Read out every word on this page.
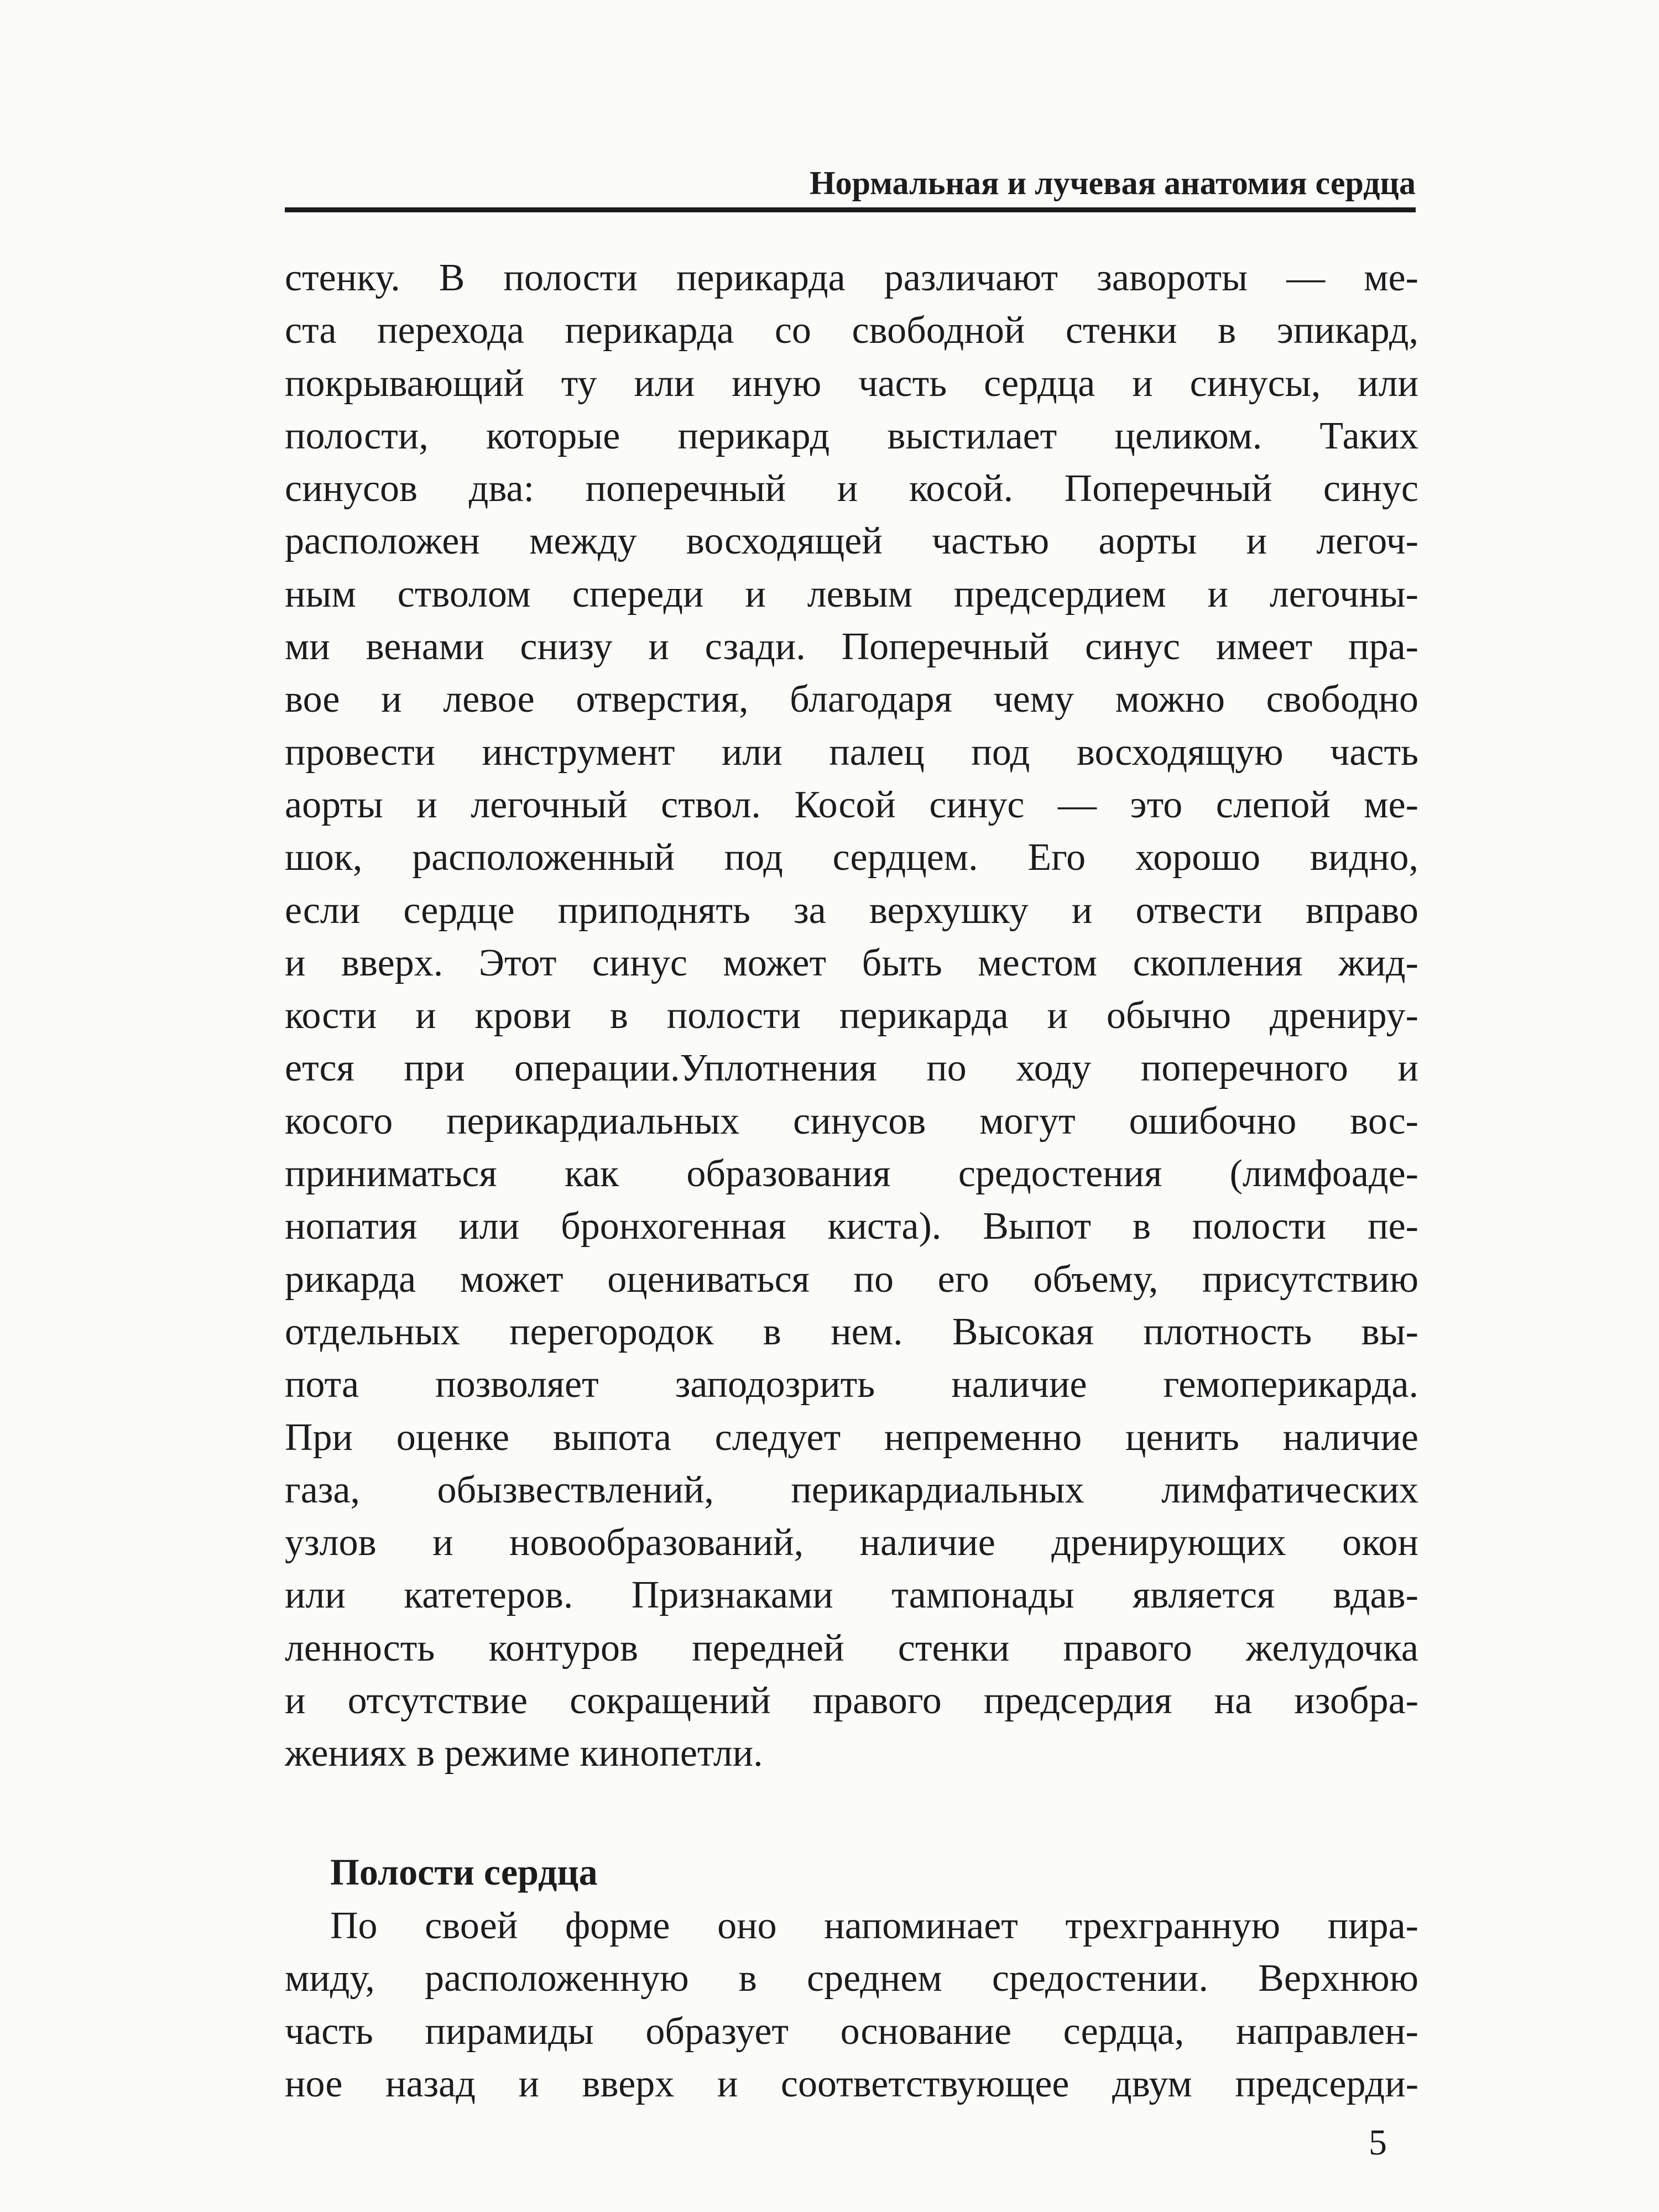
Нормальная и лучевая анатомия сердца
стенку. В полости перикарда различают завороты — ме-
ста перехода перикарда со свободной стенки в эпикард,
покрывающий ту или иную часть сердца и синусы, или
полости, которые перикард выстилает целиком. Таких
синусов два: поперечный и косой. Поперечный синус
расположен между восходящей частью аорты и легоч-
ным стволом спереди и левым предсердием и легочны-
ми венами снизу и сзади. Поперечный синус имеет пра-
вое и левое отверстия, благодаря чему можно свободно
провести инструмент или палец под восходящую часть
аорты и легочный ствол. Косой синус — это слепой ме-
шок, расположенный под сердцем. Его хорошо видно,
если сердце приподнять за верхушку и отвести вправо
и вверх. Этот синус может быть местом скопления жид-
кости и крови в полости перикарда и обычно дрениру-
ется при операции.Уплотнения по ходу поперечного и
косого перикардиальных синусов могут ошибочно вос-
приниматься как образования средостения (лимфоаде-
нопатия или бронхогенная киста). Выпот в полости пе-
рикарда может оцениваться по его объему, присутствию
отдельных перегородок в нем. Высокая плотность вы-
пота позволяет заподозрить наличие гемоперикарда.
При оценке выпота следует непременно ценить наличие
газа, обызвествлений, перикардиальных лимфатических
узлов и новообразований, наличие дренирующих окон
или катетеров. Признаками тампонады является вдав-
ленность контуров передней стенки правого желудочка
и отсутствие сокращений правого предсердия на изобра-
жениях в режиме кинопетли.
Полости сердца
По своей форме оно напоминает трехгранную пира-
миду, расположенную в среднем средостении. Верхнюю
часть пирамиды образует основание сердца, направлен-
ное назад и вверх и соответствующее двум предсерди-
5
